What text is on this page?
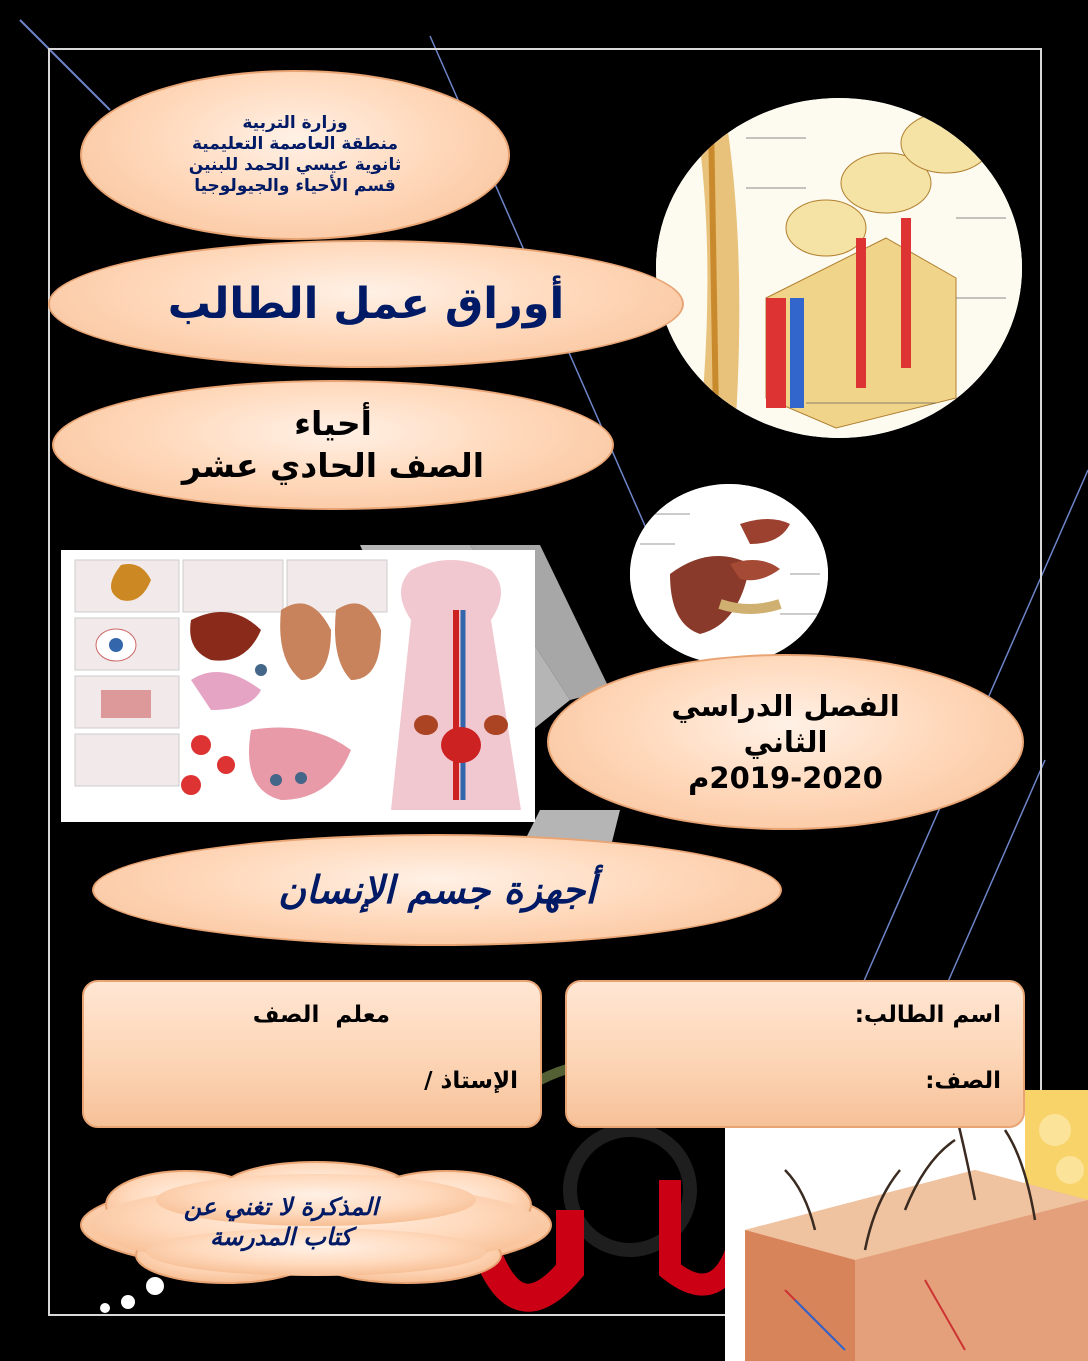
وزارة التربية
منطقة العاصمة التعليمية
ثانوية عيسي الحمد للبنين
قسم الأحياء والجيولوجيا
أوراق عمل الطالب
أحياء
الصف الحادي عشر
الفصل الدراسي
الثاني
2019-2020م
أجهزة جسم الإنسان
اسم الطالب:
الصف:
معلم  الصف
الإستاذ /
المذكرة لا تغني عن
كتاب المدرسة
